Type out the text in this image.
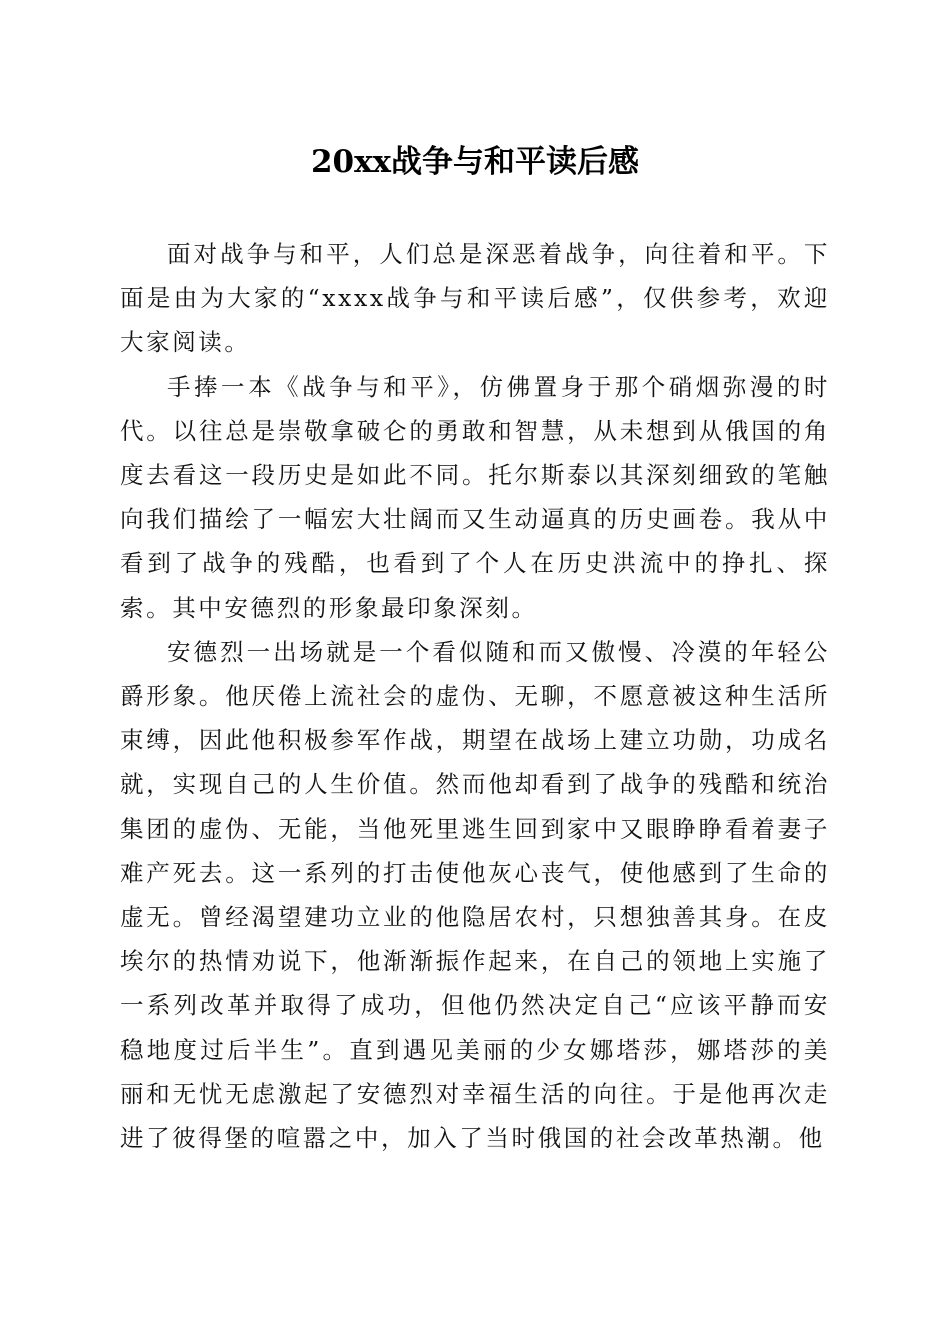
20xx战争与和平读后感

面对战争与和平，人们总是深恶着战争，向往着和平。下面是由为大家的“xxxx战争与和平读后感”，仅供参考，欢迎大家阅读。

手捧一本《战争与和平》，仿佛置身于那个硝烟弥漫的时代。以往总是崇敬拿破仑的勇敢和智慧，从未想到从俄国的角度去看这一段历史是如此不同。托尔斯泰以其深刻细致的笔触向我们描绘了一幅宏大壮阔而又生动逼真的历史画卷。我从中看到了战争的残酷，也看到了个人在历史洪流中的挣扎、探索。其中安德烈的形象最印象深刻。

安德烈一出场就是一个看似随和而又傲慢、冷漠的年轻公爵形象。他厌倦上流社会的虚伪、无聊，不愿意被这种生活所束缚，因此他积极参军作战，期望在战场上建立功勋，功成名就，实现自己的人生价值。然而他却看到了战争的残酷和统治集团的虚伪、无能，当他死里逃生回到家中又眼睁睁看着妻子难产死去。这一系列的打击使他灰心丧气，使他感到了生命的虚无。曾经渴望建功立业的他隐居农村，只想独善其身。在皮埃尔的热情劝说下，他渐渐振作起来，在自己的领地上实施了一系列改革并取得了成功，但他仍然决定自己“应该平静而安稳地度过后半生”。直到遇见美丽的少女娜塔莎，娜塔莎的美丽和无忧无虑激起了安德烈对幸福生活的向往。于是他再次走进了彼得堡的喧嚣之中，加入了当时俄国的社会改革热潮。他
